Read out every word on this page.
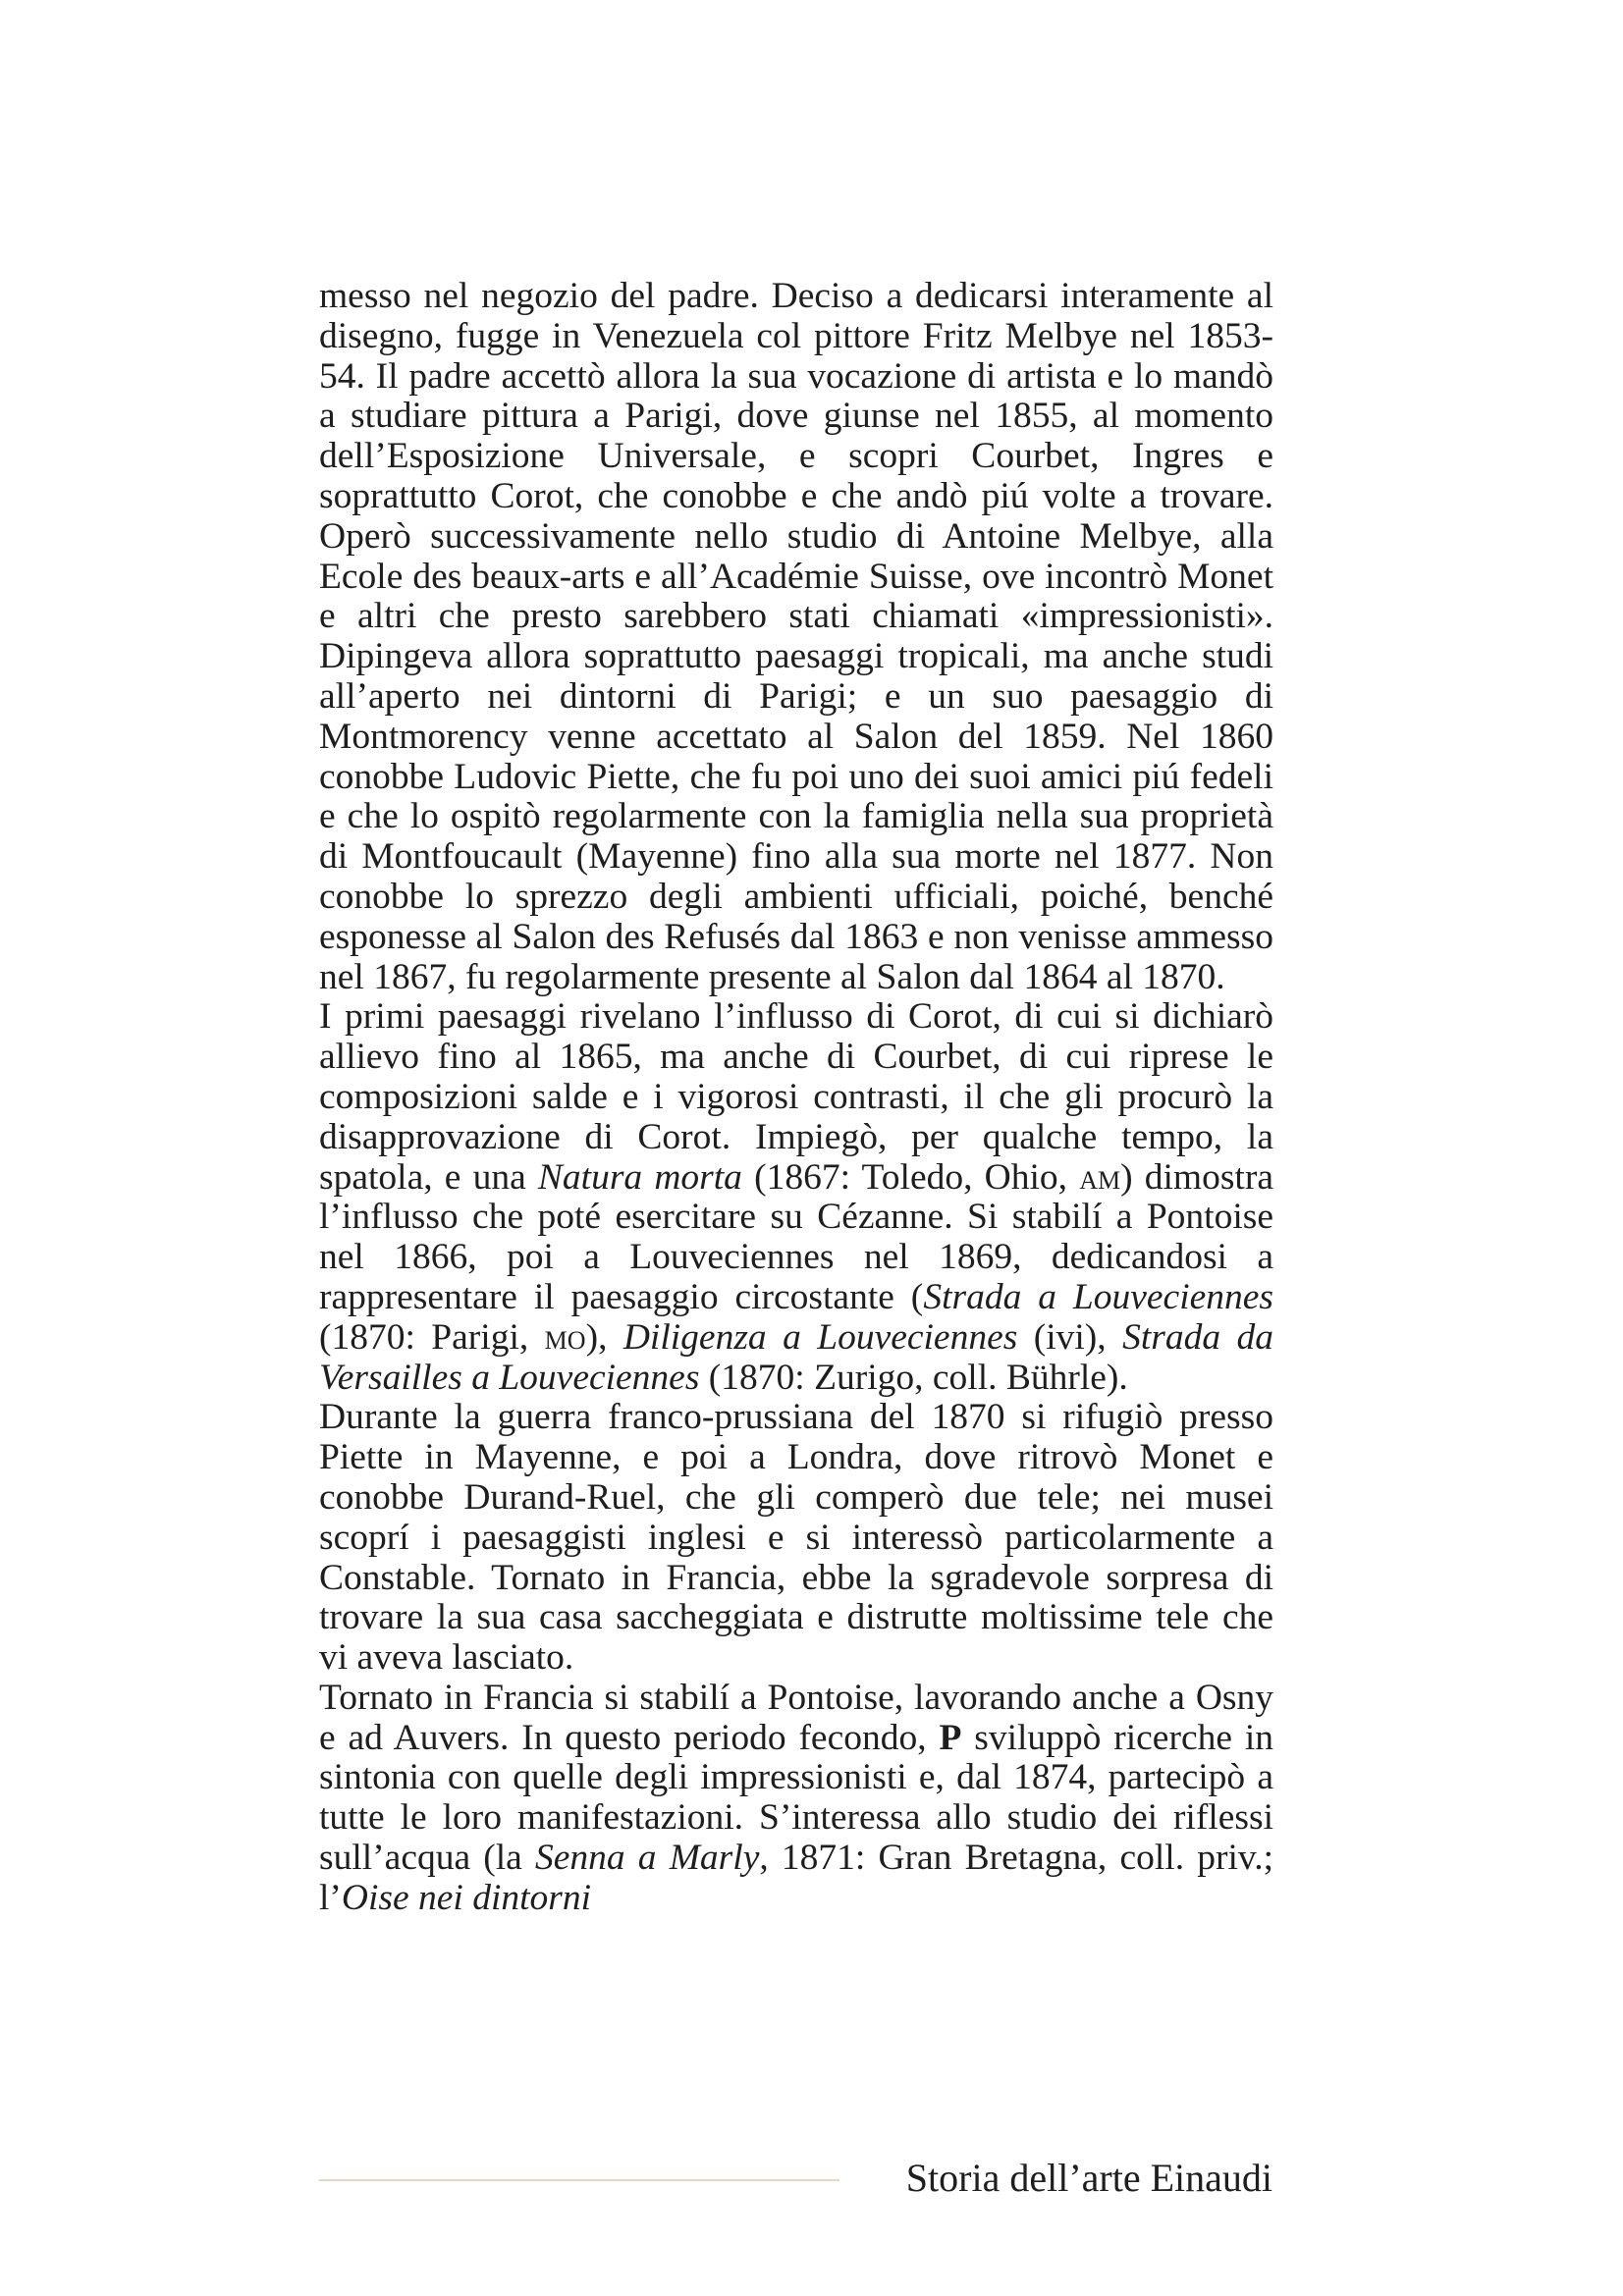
messo nel negozio del padre. Deciso a dedicarsi interamente al disegno, fugge in Venezuela col pittore Fritz Melbye nel 1853-54. Il padre accettò allora la sua vocazione di artista e lo mandò a studiare pittura a Parigi, dove giunse nel 1855, al momento dell’Esposizione Universale, e scopri Courbet, Ingres e soprattutto Corot, che conobbe e che andò piú volte a trovare. Operò successivamente nello studio di Antoine Melbye, alla Ecole des beaux-arts e all’Académie Suisse, ove incontrò Monet e altri che presto sarebbero stati chiamati «impressionisti». Dipingeva allora soprattutto paesaggi tropicali, ma anche studi all’aperto nei dintorni di Parigi; e un suo paesaggio di Montmorency venne accettato al Salon del 1859. Nel 1860 conobbe Ludovic Piette, che fu poi uno dei suoi amici piú fedeli e che lo ospitò regolarmente con la famiglia nella sua proprietà di Montfoucault (Mayenne) fino alla sua morte nel 1877. Non conobbe lo sprezzo degli ambienti ufficiali, poiché, benché esponesse al Salon des Refusés dal 1863 e non venisse ammesso nel 1867, fu regolarmente presente al Salon dal 1864 al 1870.

I primi paesaggi rivelano l’influsso di Corot, di cui si dichiarò allievo fino al 1865, ma anche di Courbet, di cui riprese le composizioni salde e i vigorosi contrasti, il che gli procurò la disapprovazione di Corot. Impiegò, per qualche tempo, la spatola, e una Natura morta (1867: Toledo, Ohio, am) dimostra l’influsso che poté esercitare su Cézanne. Si stabilí a Pontoise nel 1866, poi a Louveciennes nel 1869, dedicandosi a rappresentare il paesaggio circostante (Strada a Louveciennes (1870: Parigi, mo), Diligenza a Louveciennes (ivi), Strada da Versailles a Louveciennes (1870: Zurigo, coll. Bührle).

Durante la guerra franco-prussiana del 1870 si rifugiò presso Piette in Mayenne, e poi a Londra, dove ritrovò Monet e conobbe Durand-Ruel, che gli comperò due tele; nei musei scoprí i paesaggisti inglesi e si interessò particolarmente a Constable. Tornato in Francia, ebbe la sgradevole sorpresa di trovare la sua casa saccheggiata e distrutte moltissime tele che vi aveva lasciato.

Tornato in Francia si stabilí a Pontoise, lavorando anche a Osny e ad Auvers. In questo periodo fecondo, P sviluppò ricerche in sintonia con quelle degli impressionisti e, dal 1874, partecipò a tutte le loro manifestazioni. S’interessa allo studio dei riflessi sull’acqua (la Senna a Marly, 1871: Gran Bretagna, coll. priv.; l’Oise nei dintorni

Storia dell’arte Einaudi
